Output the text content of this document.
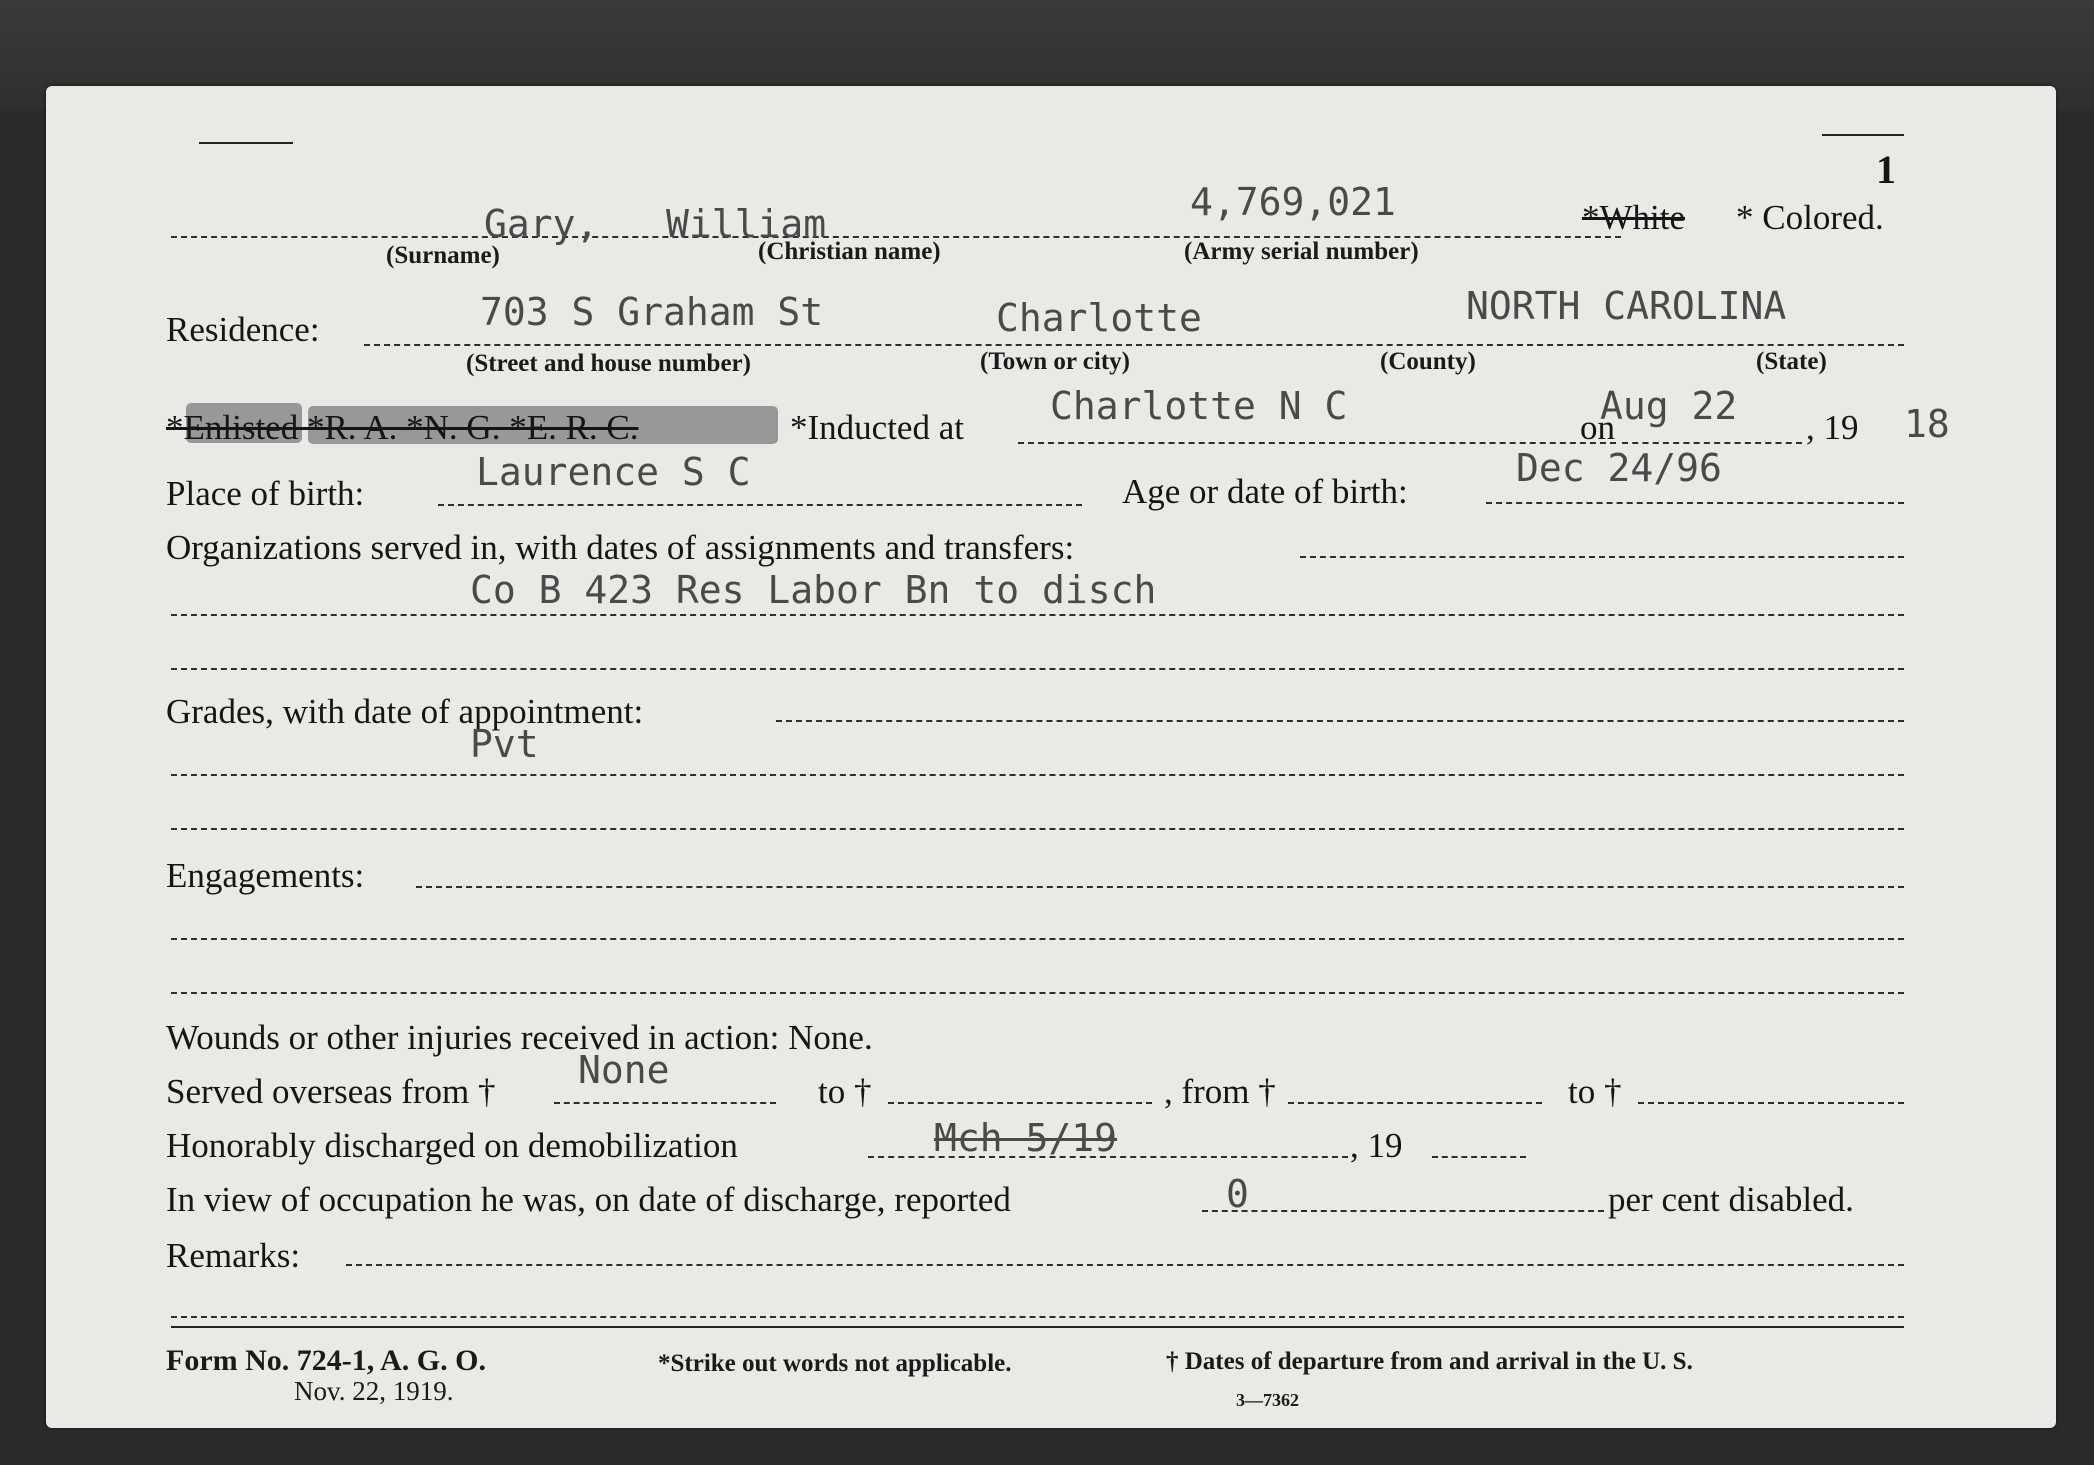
1
Gary, William	4,769,021	*White * Colored.
(Surname)	(Christian name)	(Army serial number)
Residence:	703 S Graham St	Charlotte	NORTH CAROLINA
(Street and house number)	(Town or city)	(County)	(State)
*Enlisted *R. A. *N. G. *E. R. C.	*Inducted at Charlotte N C	on
Aug 22 , 19 18
Place of birth:	Laurence S C	Age or date of birth:
Dec 24/96
Organizations served in, with dates of assignments and transfers:
Co B 423 Res Labor Bn to disch
Grades, with date of appointment:
Pvt
Engagements:
Wounds or other injuries received in action: None.
Served overseas from † None	to †	, from †	to †
Honorably discharged on demobilization	Mch 5/19	, 19
In view of occupation he was, on date of discharge, reported	0	per cent disabled.
Remarks:
Form No. 724-1, A. G. O.
Nov. 22, 1919.
*Strike out words not applicable.	† Dates of departure from and arrival in the U. S.
3—7362
